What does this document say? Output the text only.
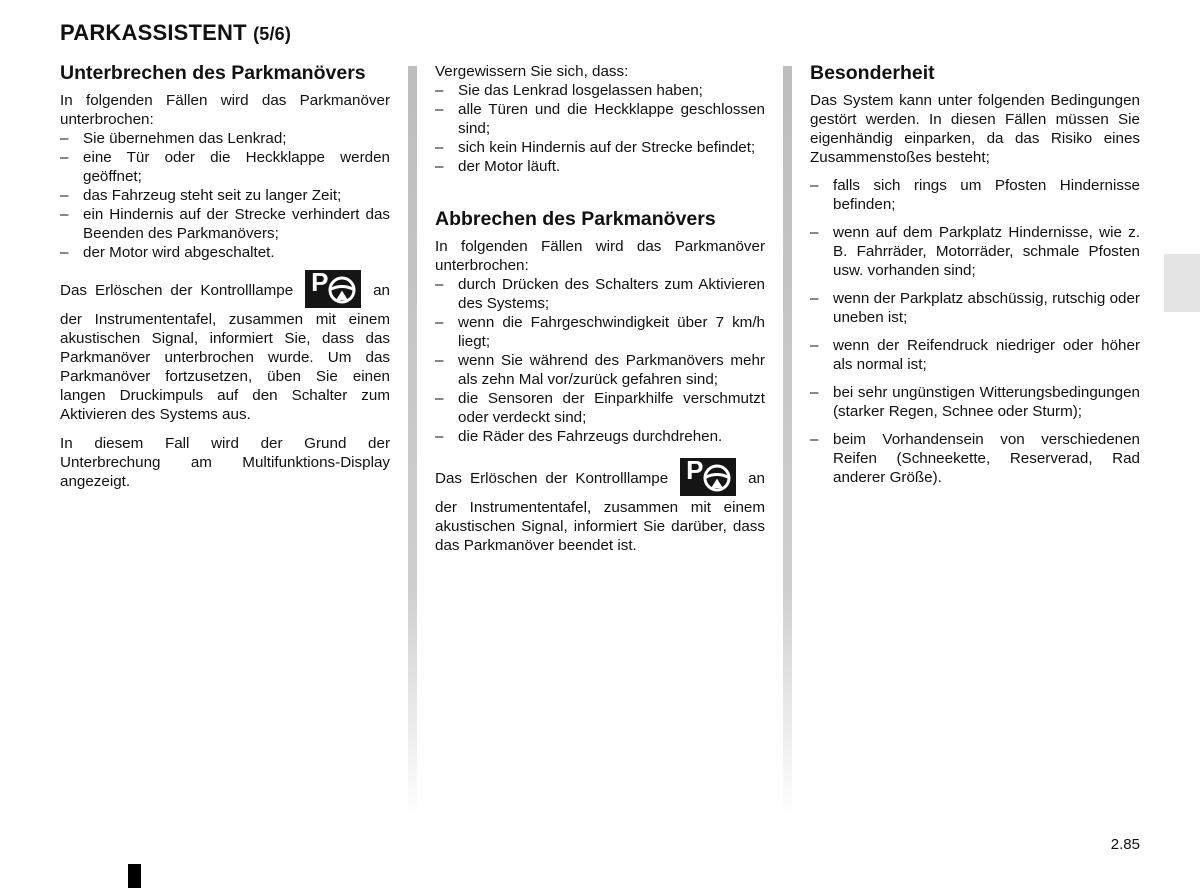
PARKASSISTENT (5/6)
Unterbrechen des Parkmanövers

In folgenden Fällen wird das Parkmanöver unterbrochen:

– Sie übernehmen das Lenkrad;
– eine Tür oder die Heckklappe werden geöffnet;
– das Fahrzeug steht seit zu langer Zeit;
– ein Hindernis auf der Strecke verhindert das Beenden des Parkmanövers;
– der Motor wird abgeschaltet.

Das Erlöschen der Kontrolllampe P	an der Instrumententafel, zusammen mit einem akustischen Signal, informiert Sie, dass das Parkmanöver unterbrochen wurde. Um das Parkmanöver fortzusetzen, üben Sie einen langen Druckimpuls auf den Schalter zum Aktivieren des Systems aus.

In diesem Fall wird der Grund der Unterbrechung am Multifunktions-Display angezeigt.

Vergewissern Sie sich, dass:

– Sie das Lenkrad losgelassen haben;
– alle Türen und die Heckklappe geschlossen sind;
– sich kein Hindernis auf der Strecke befindet;
– der Motor läuft.
Abbrechen des Parkmanövers

In folgenden Fällen wird das Parkmanöver unterbrochen:

– durch Drücken des Schalters zum Aktivieren des Systems;
– wenn die Fahrgeschwindigkeit über 7 km/h liegt;
– wenn Sie während des Parkmanövers mehr als zehn Mal vor/zurück gefahren sind;
– die Sensoren der Einparkhilfe verschmutzt oder verdeckt sind;
– die Räder des Fahrzeugs durchdrehen.

Das Erlöschen der Kontrolllampe P	an der Instrumententafel, zusammen mit einem akustischen Signal, informiert Sie darüber, dass das Parkmanöver beendet ist.

Besonderheit

Das System kann unter folgenden Bedingungen gestört werden. In diesen Fällen müssen Sie eigenhändig einparken, da das Risiko eines Zusammenstoßes besteht;

– falls sich rings um Pfosten Hindernisse befinden;
– wenn auf dem Parkplatz Hindernisse, wie z. B. Fahrräder, Motorräder, schmale Pfosten usw. vorhanden sind;
– wenn der Parkplatz abschüssig, rutschig oder uneben ist;
– wenn der Reifendruck niedriger oder höher als normal ist;
– bei sehr ungünstigen Witterungsbedingungen (starker Regen, Schnee oder Sturm);
– beim Vorhandensein von verschiedenen Reifen (Schneekette, Reserverad, Rad anderer Größe).
2.85
